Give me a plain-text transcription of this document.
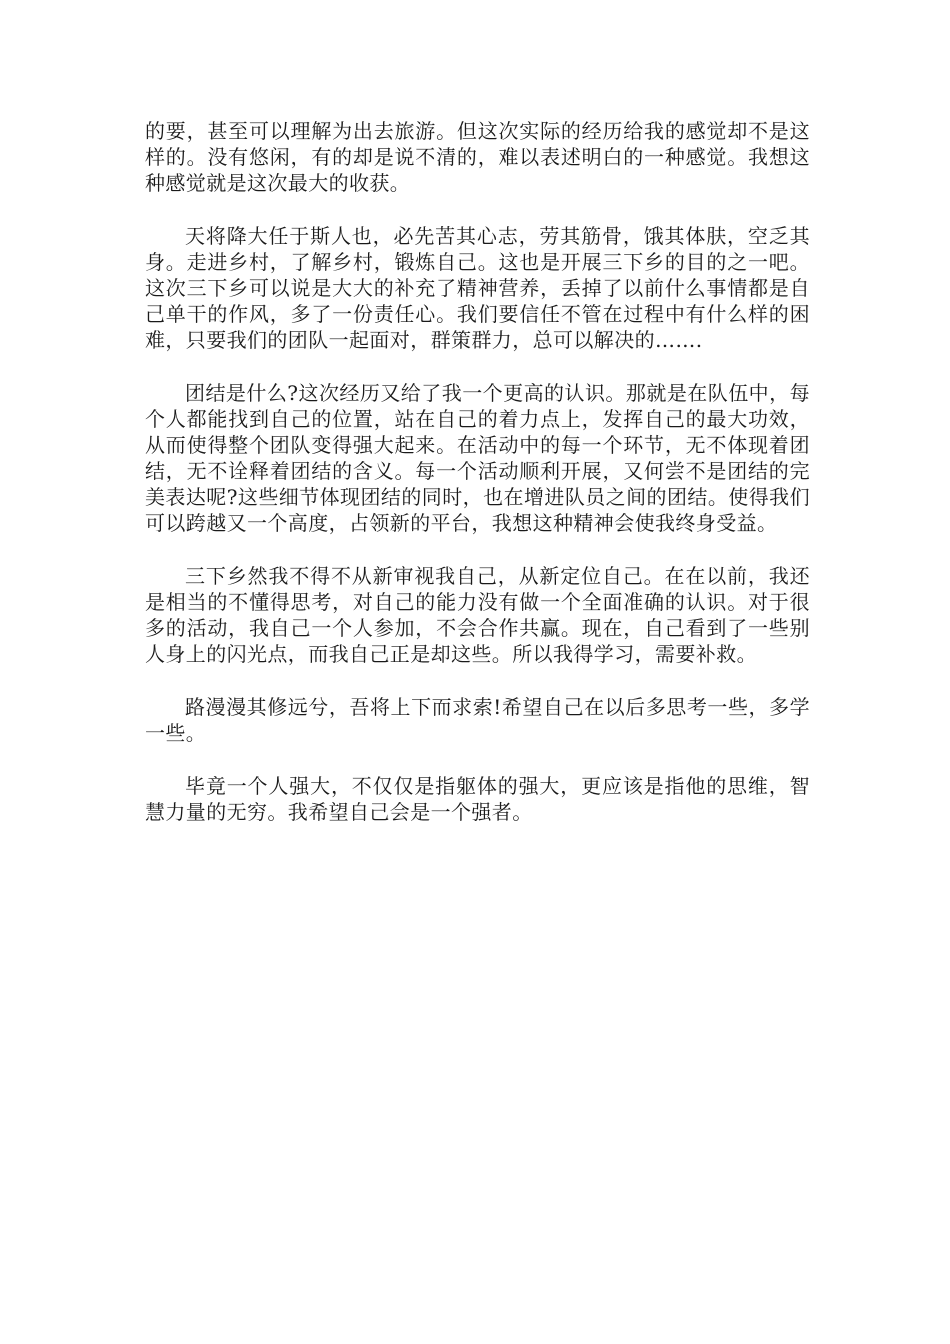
的要，甚至可以理解为出去旅游。但这次实际的经历给我的感觉却不是这样的。没有悠闲，有的却是说不清的，难以表述明白的一种感觉。我想这种感觉就是这次最大的收获。

天将降大任于斯人也，必先苦其心志，劳其筋骨，饿其体肤，空乏其身。走进乡村，了解乡村，锻炼自己。这也是开展三下乡的目的之一吧。这次三下乡可以说是大大的补充了精神营养，丢掉了以前什么事情都是自己单干的作风，多了一份责任心。我们要信任不管在过程中有什么样的困难，只要我们的团队一起面对，群策群力，总可以解决的…….

团结是什么?这次经历又给了我一个更高的认识。那就是在队伍中，每个人都能找到自己的位置，站在自己的着力点上，发挥自己的最大功效，从而使得整个团队变得强大起来。在活动中的每一个环节，无不体现着团结，无不诠释着团结的含义。每一个活动顺利开展，又何尝不是团结的完美表达呢?这些细节体现团结的同时，也在增进队员之间的团结。使得我们可以跨越又一个高度，占领新的平台，我想这种精神会使我终身受益。

三下乡然我不得不从新审视我自己，从新定位自己。在在以前，我还是相当的不懂得思考，对自己的能力没有做一个全面准确的认识。对于很多的活动，我自己一个人参加，不会合作共赢。现在，自己看到了一些别人身上的闪光点，而我自己正是却这些。所以我得学习，需要补救。

路漫漫其修远兮，吾将上下而求索!希望自己在以后多思考一些，多学一些。

毕竟一个人强大，不仅仅是指躯体的强大，更应该是指他的思维，智慧力量的无穷。我希望自己会是一个强者。
